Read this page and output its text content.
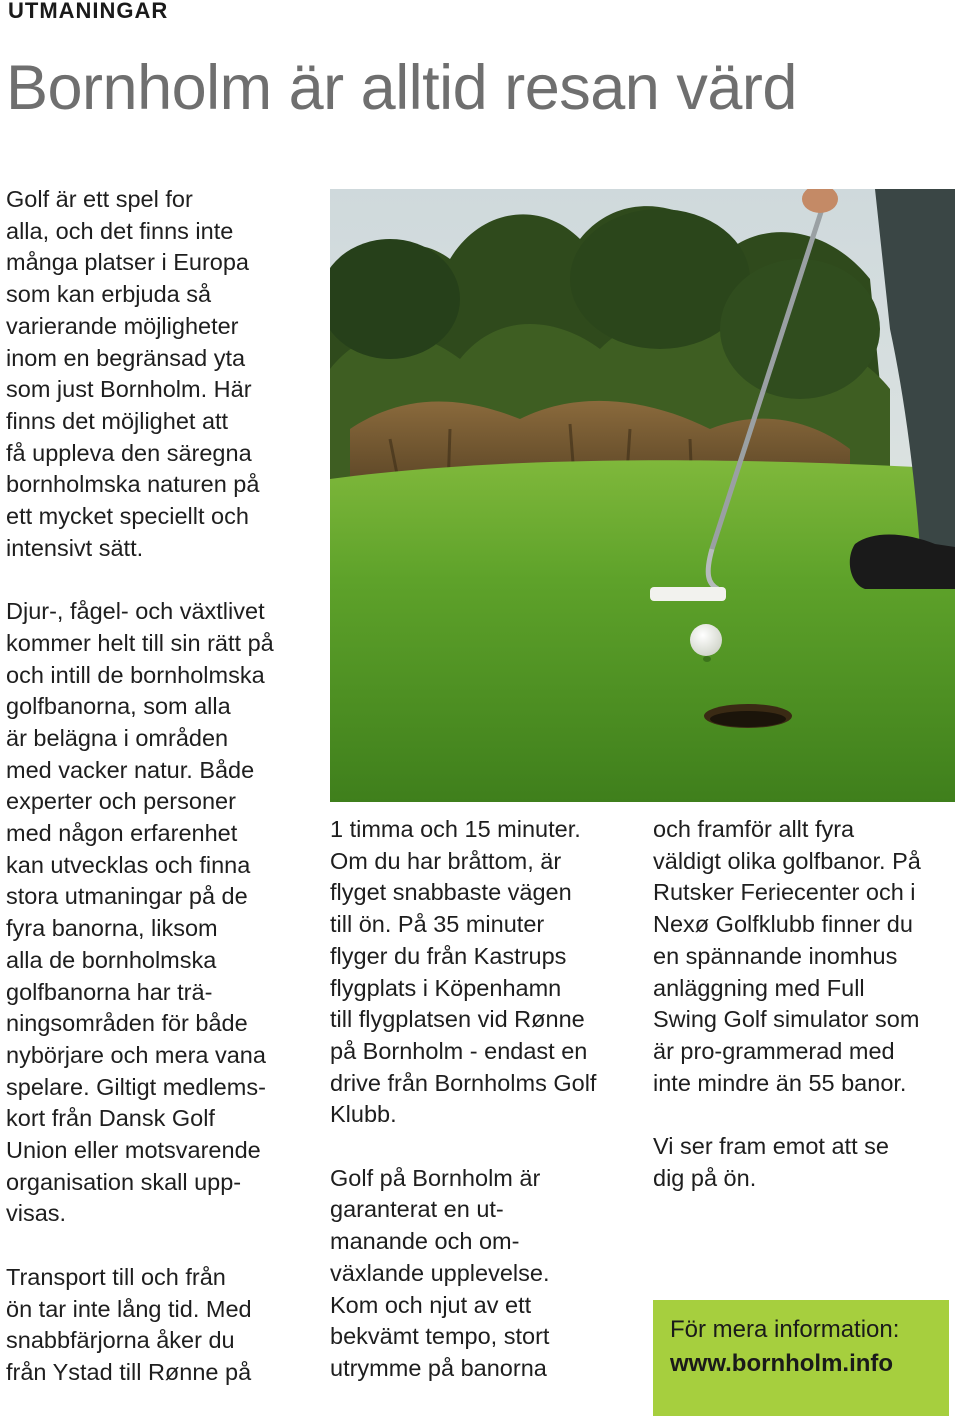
UTMANINGAR
Bornholm är alltid resan värd

Golf är ett spel for
alla, och det finns inte
många platser i Europa
som kan erbjuda så
varierande möjligheter
inom en begränsad yta
som just Bornholm. Här
finns det möjlighet att
få uppleva den säregna
bornholmska naturen på
ett mycket speciellt och
intensivt sätt.

Djur-, fågel- och växtlivet
kommer helt till sin rätt på
och intill de bornholmska
golfbanorna, som alla
är belägna i områden
med vacker natur. Både
experter och personer
med någon erfarenhet
kan utvecklas och finna
stora utmaningar på de
fyra banorna, liksom
alla de bornholmska
golfbanorna har trä-
ningsområden för både
nybörjare och mera vana
spelare. Giltigt medlems-
kort från Dansk Golf
Union eller motsvarende
organisation skall upp-
visas.

Transport till och från
ön tar inte lång tid. Med
snabbfärjorna åker du
från Ystad till Rønne på

1 timma och 15 minuter.
Om du har bråttom, är
flyget snabbaste vägen
till ön. På 35 minuter
flyger du från Kastrups
flygplats i Köpenhamn
till flygplatsen vid Rønne
på Bornholm - endast en
drive från Bornholms Golf
Klubb.

Golf på Bornholm är
garanterat en ut-
manande och om-
växlande upplevelse.
Kom och njut av ett
bekvämt tempo, stort
utrymme på banorna

och framför allt fyra
väldigt olika golfbanor. På
Rutsker Feriecenter och i
Nexø Golfklubb finner du
en spännande inomhus
anläggning med Full
Swing Golf simulator som
är pro-grammerad med
inte mindre än 55 banor.

Vi ser fram emot att se
dig på ön.

För mera information:
www.bornholm.info
